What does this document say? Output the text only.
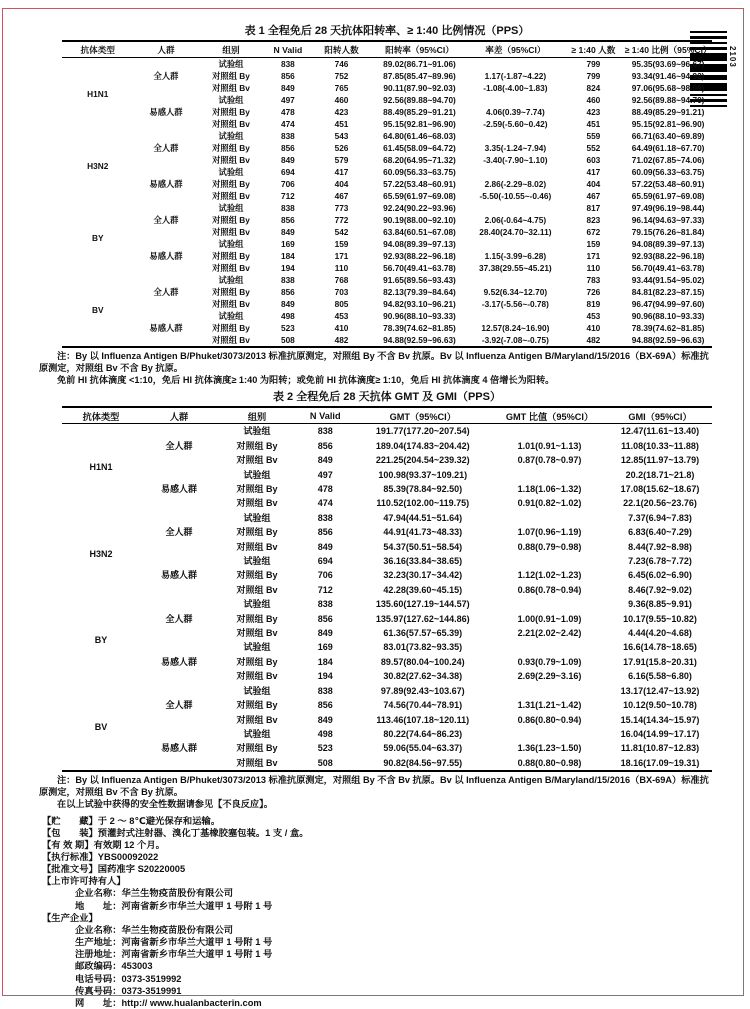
2103
表 1 全程免后 28 天抗体阳转率、≥ 1:40 比例情况（PPS）
抗体类型	人群	组别	N Valid	阳转人数	阳转率（95%CI）	率差（95%CI）	≥ 1:40 人数	≥ 1:40 比例（95%CI）
H1N1	全人群	试验组	838	746	89.02(86.71~91.06)		799	95.35(93.69~96.67)
		对照组 By	856	752	87.85(85.47~89.96)	1.17(-1.87~4.22)	799	93.34(91.46~94.92)
		对照组 Bv	849	765	90.11(87.90~92.03)	-1.08(-4.00~1.83)	824	97.06(95.68~98.09)
	易感人群	试验组	497	460	92.56(89.88~94.70)		460	92.56(89.88~94.70)
		对照组 By	478	423	88.49(85.29~91.21)	4.06(0.39~7.74)	423	88.49(85.29~91.21)
		对照组 Bv	474	451	95.15(92.81~96.90)	-2.59(-5.60~0.42)	451	95.15(92.81~96.90)
H3N2	全人群	试验组	838	543	64.80(61.46~68.03)		559	66.71(63.40~69.89)
		对照组 By	856	526	61.45(58.09~64.72)	3.35(-1.24~7.94)	552	64.49(61.18~67.70)
		对照组 Bv	849	579	68.20(64.95~71.32)	-3.40(-7.90~1.10)	603	71.02(67.85~74.06)
	易感人群	试验组	694	417	60.09(56.33~63.75)		417	60.09(56.33~63.75)
		对照组 By	706	404	57.22(53.48~60.91)	2.86(-2.29~8.02)	404	57.22(53.48~60.91)
		对照组 Bv	712	467	65.59(61.97~69.08)	-5.50(-10.55~-0.46)	467	65.59(61.97~69.08)
BY	全人群	试验组	838	773	92.24(90.22~93.96)		817	97.49(96.19~98.44)
		对照组 By	856	772	90.19(88.00~92.10)	2.06(-0.64~4.75)	823	96.14(94.63~97.33)
		对照组 Bv	849	542	63.84(60.51~67.08)	28.40(24.70~32.11)	672	79.15(76.26~81.84)
	易感人群	试验组	169	159	94.08(89.39~97.13)		159	94.08(89.39~97.13)
		对照组 By	184	171	92.93(88.22~96.18)	1.15(-3.99~6.28)	171	92.93(88.22~96.18)
		对照组 Bv	194	110	56.70(49.41~63.78)	37.38(29.55~45.21)	110	56.70(49.41~63.78)
BV	全人群	试验组	838	768	91.65(89.56~93.43)		783	93.44(91.54~95.02)
		对照组 By	856	703	82.13(79.39~84.64)	9.52(6.34~12.70)	726	84.81(82.23~87.15)
		对照组 Bv	849	805	94.82(93.10~96.21)	-3.17(-5.56~-0.78)	819	96.47(94.99~97.60)
	易感人群	试验组	498	453	90.96(88.10~93.33)		453	90.96(88.10~93.33)
		对照组 By	523	410	78.39(74.62~81.85)	12.57(8.24~16.90)	410	78.39(74.62~81.85)
		对照组 Bv	508	482	94.88(92.59~96.63)	-3.92(-7.08~-0.75)	482	94.88(92.59~96.63)

注：By 以 Influenza Antigen B/Phuket/3073/2013 标准抗原测定，对照组 By 不含 Bv 抗原。Bv 以 Influenza Antigen B/Maryland/15/2016（BX-69A）标准抗原测定，对照组 Bv 不含 By 抗原。

免前 HI 抗体滴度 <1:10，免后 HI 抗体滴度≥ 1:40 为阳转；或免前 HI 抗体滴度≥ 1:10，免后 HI 抗体滴度 4 倍增长为阳转。

表 2 全程免后 28 天抗体 GMT 及 GMI（PPS）
抗体类型	人群	组别	N Valid	GMT（95%CI）	GMT 比值（95%CI）	GMI（95%CI）
H1N1	全人群	试验组	838	191.77(177.20~207.54)		12.47(11.61~13.40)
		对照组 By	856	189.04(174.83~204.42)	1.01(0.91~1.13)	11.08(10.33~11.88)
		对照组 Bv	849	221.25(204.54~239.32)	0.87(0.78~0.97)	12.85(11.97~13.79)
	易感人群	试验组	497	100.98(93.37~109.21)		20.2(18.71~21.8)
		对照组 By	478	85.39(78.84~92.50)	1.18(1.06~1.32)	17.08(15.62~18.67)
		对照组 Bv	474	110.52(102.00~119.75)	0.91(0.82~1.02)	22.1(20.56~23.76)
H3N2	全人群	试验组	838	47.94(44.51~51.64)		7.37(6.94~7.83)
		对照组 By	856	44.91(41.73~48.33)	1.07(0.96~1.19)	6.83(6.40~7.29)
		对照组 Bv	849	54.37(50.51~58.54)	0.88(0.79~0.98)	8.44(7.92~8.98)
	易感人群	试验组	694	36.16(33.84~38.65)		7.23(6.78~7.72)
		对照组 By	706	32.23(30.17~34.42)	1.12(1.02~1.23)	6.45(6.02~6.90)
		对照组 Bv	712	42.28(39.60~45.15)	0.86(0.78~0.94)	8.46(7.92~9.02)
BY	全人群	试验组	838	135.60(127.19~144.57)		9.36(8.85~9.91)
		对照组 By	856	135.97(127.62~144.86)	1.00(0.91~1.09)	10.17(9.55~10.82)
		对照组 Bv	849	61.36(57.57~65.39)	2.21(2.02~2.42)	4.44(4.20~4.68)
	易感人群	试验组	169	83.01(73.82~93.35)		16.6(14.78~18.65)
		对照组 By	184	89.57(80.04~100.24)	0.93(0.79~1.09)	17.91(15.8~20.31)
		对照组 Bv	194	30.82(27.62~34.38)	2.69(2.29~3.16)	6.16(5.58~6.80)
BV	全人群	试验组	838	97.89(92.43~103.67)		13.17(12.47~13.92)
		对照组 By	856	74.56(70.44~78.91)	1.31(1.21~1.42)	10.12(9.50~10.78)
		对照组 Bv	849	113.46(107.18~120.11)	0.86(0.80~0.94)	15.14(14.34~15.97)
	易感人群	试验组	498	80.22(74.64~86.23)		16.04(14.99~17.17)
		对照组 By	523	59.06(55.04~63.37)	1.36(1.23~1.50)	11.81(10.87~12.83)
		对照组 Bv	508	90.82(84.56~97.55)	0.88(0.80~0.98)	18.16(17.09~19.31)

注：By 以 Influenza Antigen B/Phuket/3073/2013 标准抗原测定，对照组 By 不含 Bv 抗原。Bv 以 Influenza Antigen B/Maryland/15/2016（BX-69A）标准抗原测定，对照组 Bv 不含 By 抗原。

在以上试验中获得的安全性数据请参见【不良反应】。

【贮　　藏】于 2 ～ 8℃避光保存和运输。
【包　　装】预灌封式注射器、溴化丁基橡胶塞包装。1 支 / 盒。
【有 效 期】有效期 12 个月。
【执行标准】YBS00092022
【批准文号】国药准字 S20220005
【上市许可持有人】
企业名称：华兰生物疫苗股份有限公司
地　　址：河南省新乡市华兰大道甲 1 号附 1 号
【生产企业】
企业名称：华兰生物疫苗股份有限公司
生产地址：河南省新乡市华兰大道甲 1 号附 1 号
注册地址：河南省新乡市华兰大道甲 1 号附 1 号
邮政编码：453003
电话号码：0373-3519992
传真号码：0373-3519991
网　　址：http:// www.hualanbacterin.com
